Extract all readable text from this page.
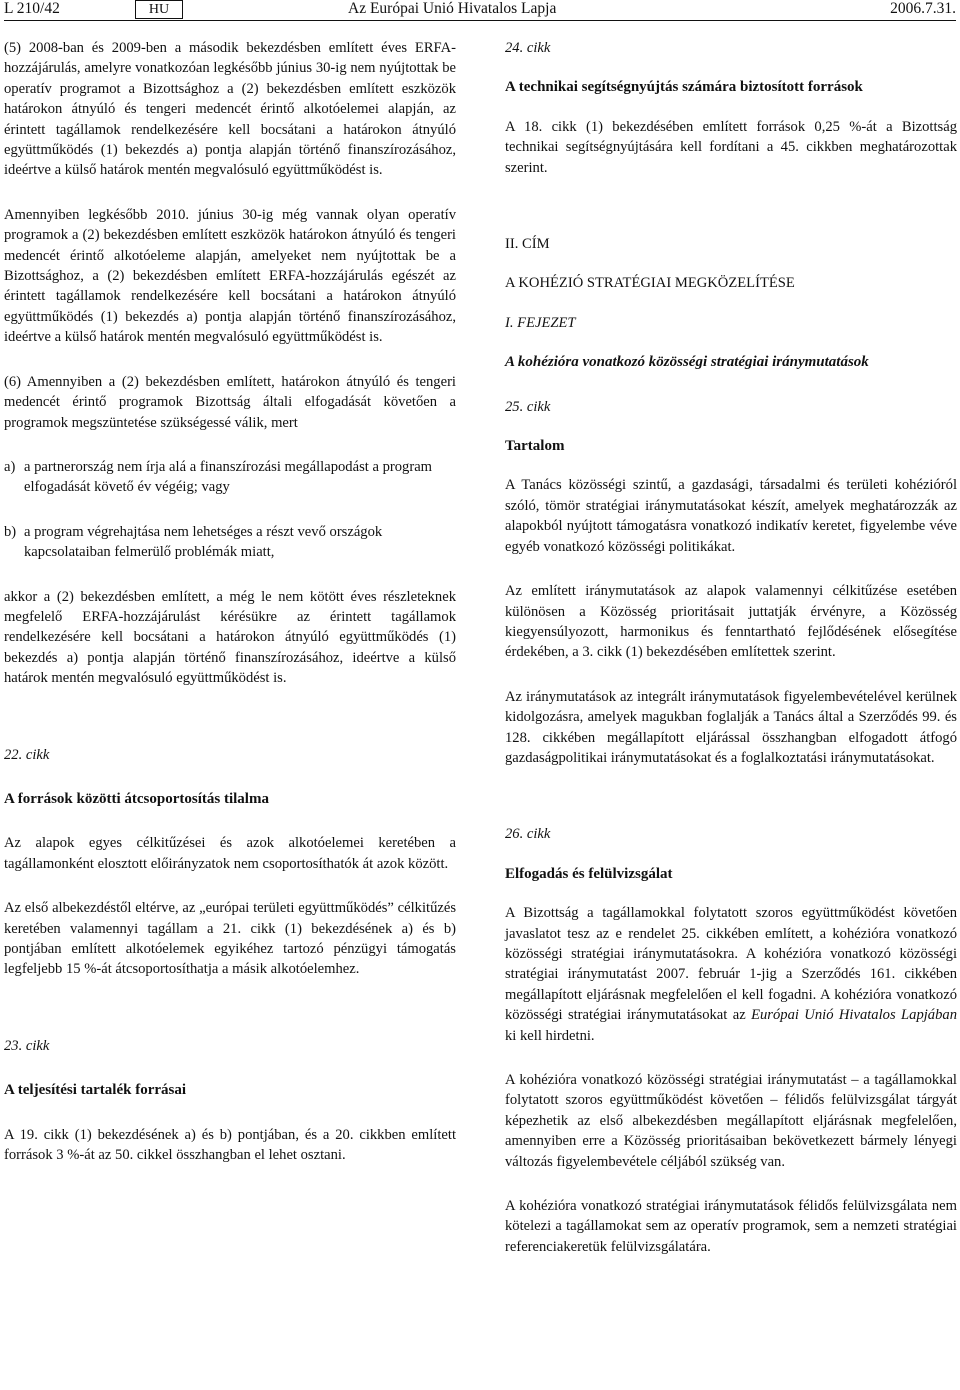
L 210/42	HU	Az Európai Unió Hivatalos Lapja	2006.7.31.

(5) 2008-ban és 2009-ben a második bekezdésben említett éves ERFA-hozzájárulás, amelyre vonatkozóan legkésőbb június 30-ig nem nyújtottak be operatív programot a Bizottsághoz a (2) bekezdésben említett eszközök határokon átnyúló és tengeri medencét érintő alkotóelemei alapján, az érintett tagállamok rendelkezésére kell bocsátani a határokon átnyúló együttműködés (1) bekezdés a) pontja alapján történő finanszírozásához, ideértve a külső határok mentén megvalósuló együttműködést is.

Amennyiben legkésőbb 2010. június 30-ig még vannak olyan operatív programok a (2) bekezdésben említett eszközök határokon átnyúló és tengeri medencét érintő alkotóeleme alapján, amelyeket nem nyújtottak be a Bizottsághoz, a (2) bekezdésben említett ERFA-hozzájárulás egészét az érintett tagállamok rendelkezésére kell bocsátani a határokon átnyúló együttműködés (1) bekezdés a) pontja alapján történő finanszírozásához, ideértve a külső határok mentén megvalósuló együttműködést is.

(6) Amennyiben a (2) bekezdésben említett, határokon átnyúló és tengeri medencét érintő programok Bizottság általi elfogadását követően a programok megszüntetése szükségessé válik, mert

a) a partnerország nem írja alá a finanszírozási megállapodást a program elfogadását követő év végéig; vagy
b) a program végrehajtása nem lehetséges a részt vevő országok kapcsolataiban felmerülő problémák miatt,

akkor a (2) bekezdésben említett, a még le nem kötött éves részleteknek megfelelő ERFA-hozzájárulást kérésükre az érintett tagállamok rendelkezésére kell bocsátani a határokon átnyúló együttműködés (1) bekezdés a) pontja alapján történő finanszírozásához, ideértve a külső határok mentén megvalósuló együttműködést is.

22. cikk

A források közötti átcsoportosítás tilalma

Az alapok egyes célkitűzései és azok alkotóelemei keretében a tagállamonként elosztott előirányzatok nem csoportosíthatók át azok között.

Az első albekezdéstől eltérve, az „európai területi együttműködés” célkitűzés keretében valamennyi tagállam a 21. cikk (1) bekezdésének a) és b) pontjában említett alkotóelemek egyikéhez tartozó pénzügyi támogatás legfeljebb 15 %-át átcsoportosíthatja a másik alkotóelemhez.

23. cikk

A teljesítési tartalék forrásai

A 19. cikk (1) bekezdésének a) és b) pontjában, és a 20. cikkben említett források 3 %-át az 50. cikkel összhangban el lehet osztani.

24. cikk

A technikai segítségnyújtás számára biztosított források

A 18. cikk (1) bekezdésében említett források 0,25 %-át a Bizottság technikai segítségnyújtására kell fordítani a 45. cikkben meghatározottak szerint.

II. CÍM

A KOHÉZIÓ STRATÉGIAI MEGKÖZELÍTÉSE

I. FEJEZET

A kohézióra vonatkozó közösségi stratégiai iránymutatások

25. cikk

Tartalom

A Tanács közösségi szintű, a gazdasági, társadalmi és területi kohézióról szóló, tömör stratégiai iránymutatásokat készít, amelyek meghatározzák az alapokból nyújtott támogatásra vonatkozó indikatív keretet, figyelembe véve egyéb vonatkozó közösségi politikákat.

Az említett iránymutatások az alapok valamennyi célkitűzése esetében különösen a Közösség prioritásait juttatják érvényre, a Közösség kiegyensúlyozott, harmonikus és fenntartható fejlődésének elősegítése érdekében, a 3. cikk (1) bekezdésében említettek szerint.

Az iránymutatások az integrált iránymutatások figyelembevételével kerülnek kidolgozásra, amelyek magukban foglalják a Tanács által a Szerződés 99. és 128. cikkében megállapított eljárással összhangban elfogadott átfogó gazdaságpolitikai iránymutatásokat és a foglalkoztatási iránymutatásokat.

26. cikk

Elfogadás és felülvizsgálat

A Bizottság a tagállamokkal folytatott szoros együttműködést követően javaslatot tesz az e rendelet 25. cikkében említett, a kohézióra vonatkozó közösségi stratégiai iránymutatásokra. A kohézióra vonatkozó közösségi stratégiai iránymutatást 2007. február 1-jig a Szerződés 161. cikkében megállapított eljárásnak megfelelően el kell fogadni. A kohézióra vonatkozó közösségi stratégiai iránymutatásokat az Európai Unió Hivatalos Lapjában ki kell hirdetni.

A kohézióra vonatkozó közösségi stratégiai iránymutatást – a tagállamokkal folytatott szoros együttműködést követően – félidős felülvizsgálat tárgyát képezhetik az első albekezdésben megállapított eljárásnak megfelelően, amennyiben erre a Közösség prioritásaiban bekövetkezett bármely lényegi változás figyelembevétele céljából szükség van.

A kohézióra vonatkozó stratégiai iránymutatások félidős felülvizsgálata nem kötelezi a tagállamokat sem az operatív programok, sem a nemzeti stratégiai referenciakeretük felülvizsgálatára.
